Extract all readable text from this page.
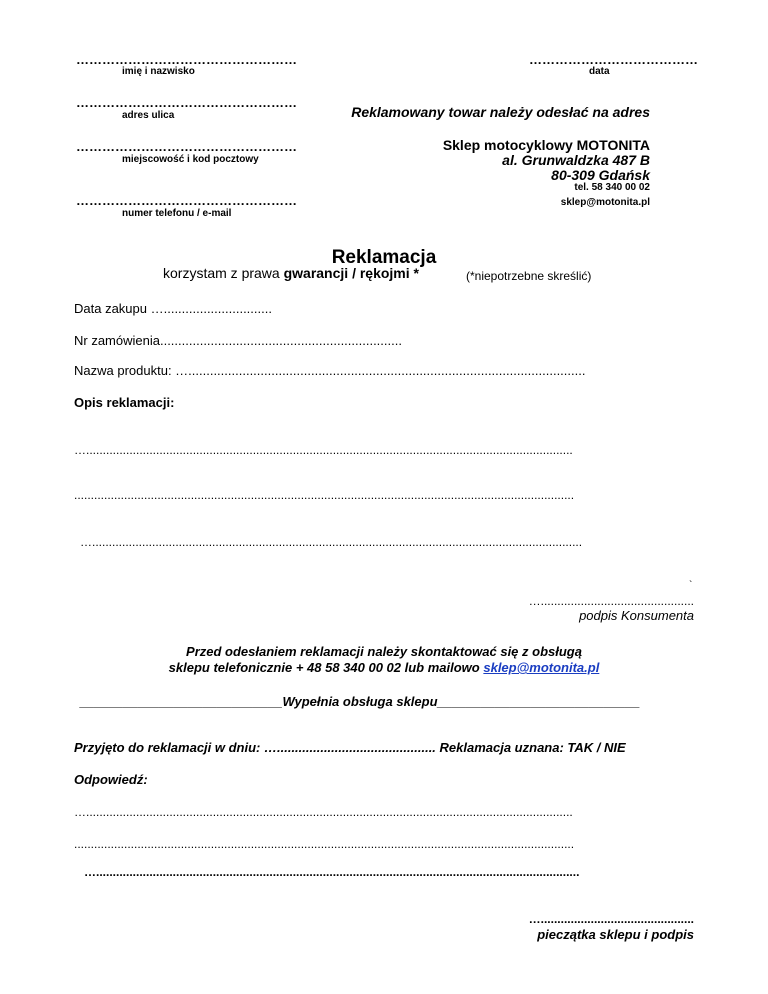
……………………………………………
imię i nazwisko
……………………………………………
adres ulica
……………………………………………
miejscowość i kod pocztowy
……………………………………………
numer telefonu / e-mail
…………………………………
data
Reklamowany towar należy odesłać na adres
Sklep motocyklowy MOTONITA
al. Grunwaldzka 487 B
80-309 Gdańsk
tel. 58 340 00 02
sklep@motonita.pl
Reklamacja
korzystam z prawa gwarancji / rękojmi *	(*niepotrzebne skreślić)
Data zakupu …..............................
Nr zamówienia...................................................................
Nazwa produktu: …..............................................................................................................
Opis reklamacji:
…..................................................................................................................................................
......................................................................................................................................................
…...................................................................................................................................................
`
…..............................................
podpis Konsumenta
Przed odesłaniem reklamacji należy skontaktować się z obsługą
sklepu telefonicznie + 48 58 340 00 02 lub mailowo sklep@motonita.pl
____________________________Wypełnia obsługa sklepu____________________________
Przyjęto do reklamacji w dniu: …............................................ Reklamacja uznana: TAK / NIE
Odpowiedź:
…..................................................................................................................................................
......................................................................................................................................................
….................................................................................................................................................
…..............................................
pieczątka sklepu i podpis
